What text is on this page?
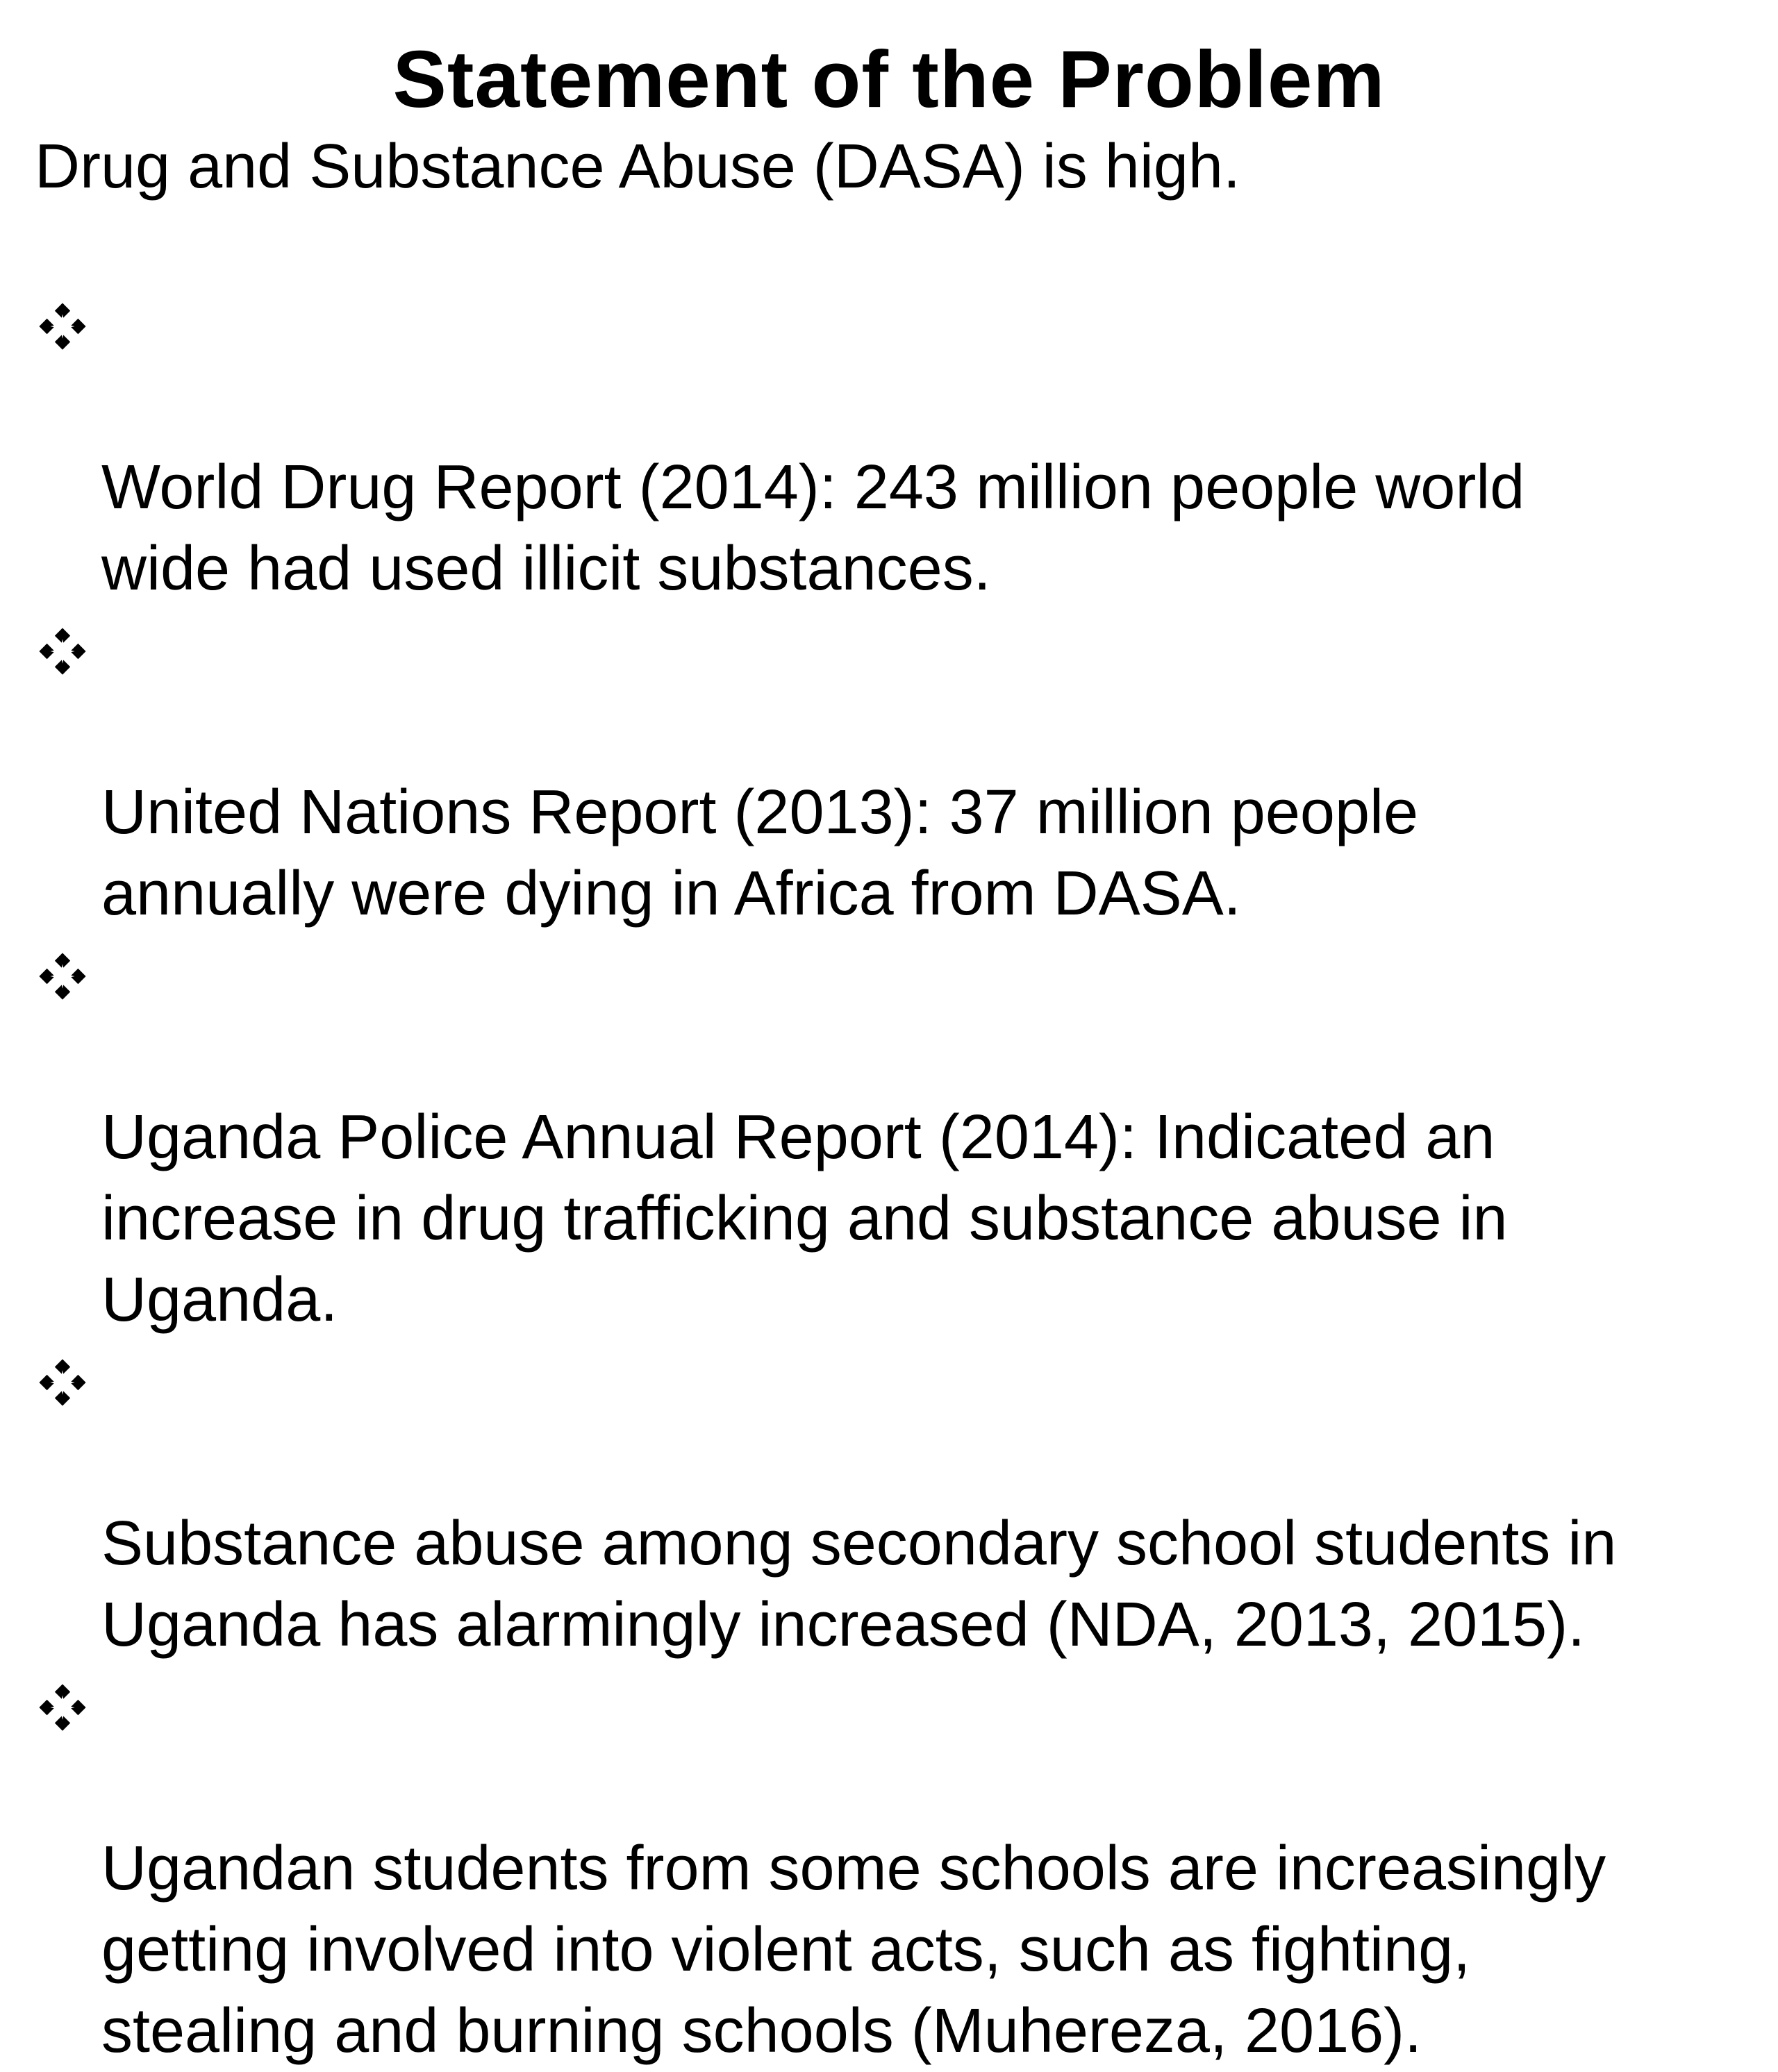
Statement of the Problem
Drug and Substance Abuse (DASA) is high.

World Drug Report (2014): 243 million people world
wide had used illicit substances.

United Nations Report (2013): 37 million people
annually were dying in Africa from DASA.

Uganda Police Annual Report (2014): Indicated an
increase in drug trafficking and substance abuse in
Uganda.

Substance abuse among secondary school students in
Uganda has alarmingly increased (NDA, 2013, 2015).

Ugandan students from some schools are increasingly
getting involved into violent acts, such as fighting,
stealing and burning schools (Muhereza, 2016).
